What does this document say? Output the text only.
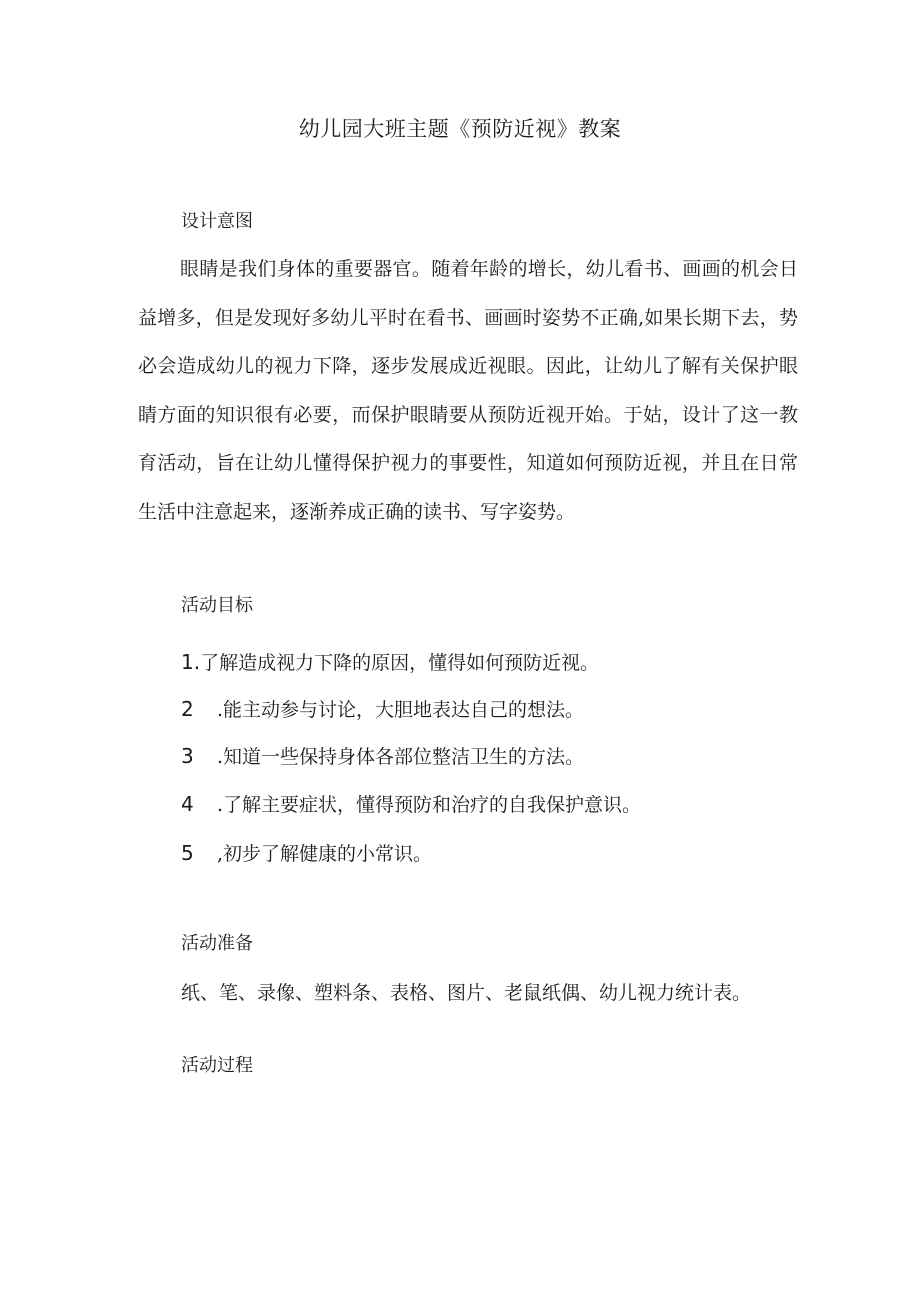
幼儿园大班主题《预防近视》教案
设计意图
眼睛是我们身体的重要器官。随着年龄的增长，幼儿看书、画画的机会日益增多，但是发现好多幼儿平时在看书、画画时姿势不正确,如果长期下去，势必会造成幼儿的视力下降，逐步发展成近视眼。因此，让幼儿了解有关保护眼睛方面的知识很有必要，而保护眼睛要从预防近视开始。于姑，设计了这一教育活动，旨在让幼儿懂得保护视力的事要性，知道如何预防近视，并且在日常生活中注意起来，逐渐养成正确的读书、写字姿势。
活动目标
1.了解造成视力下降的原因，懂得如何预防近视。
2 .能主动参与讨论，大胆地表达自己的想法。
3 .知道一些保持身体各部位整洁卫生的方法。
4 .了解主要症状，懂得预防和治疗的自我保护意识。
5 ,初步了解健康的小常识。
活动准备
纸、笔、录像、塑料条、表格、图片、老鼠纸偶、幼儿视力统计表。
活动过程
